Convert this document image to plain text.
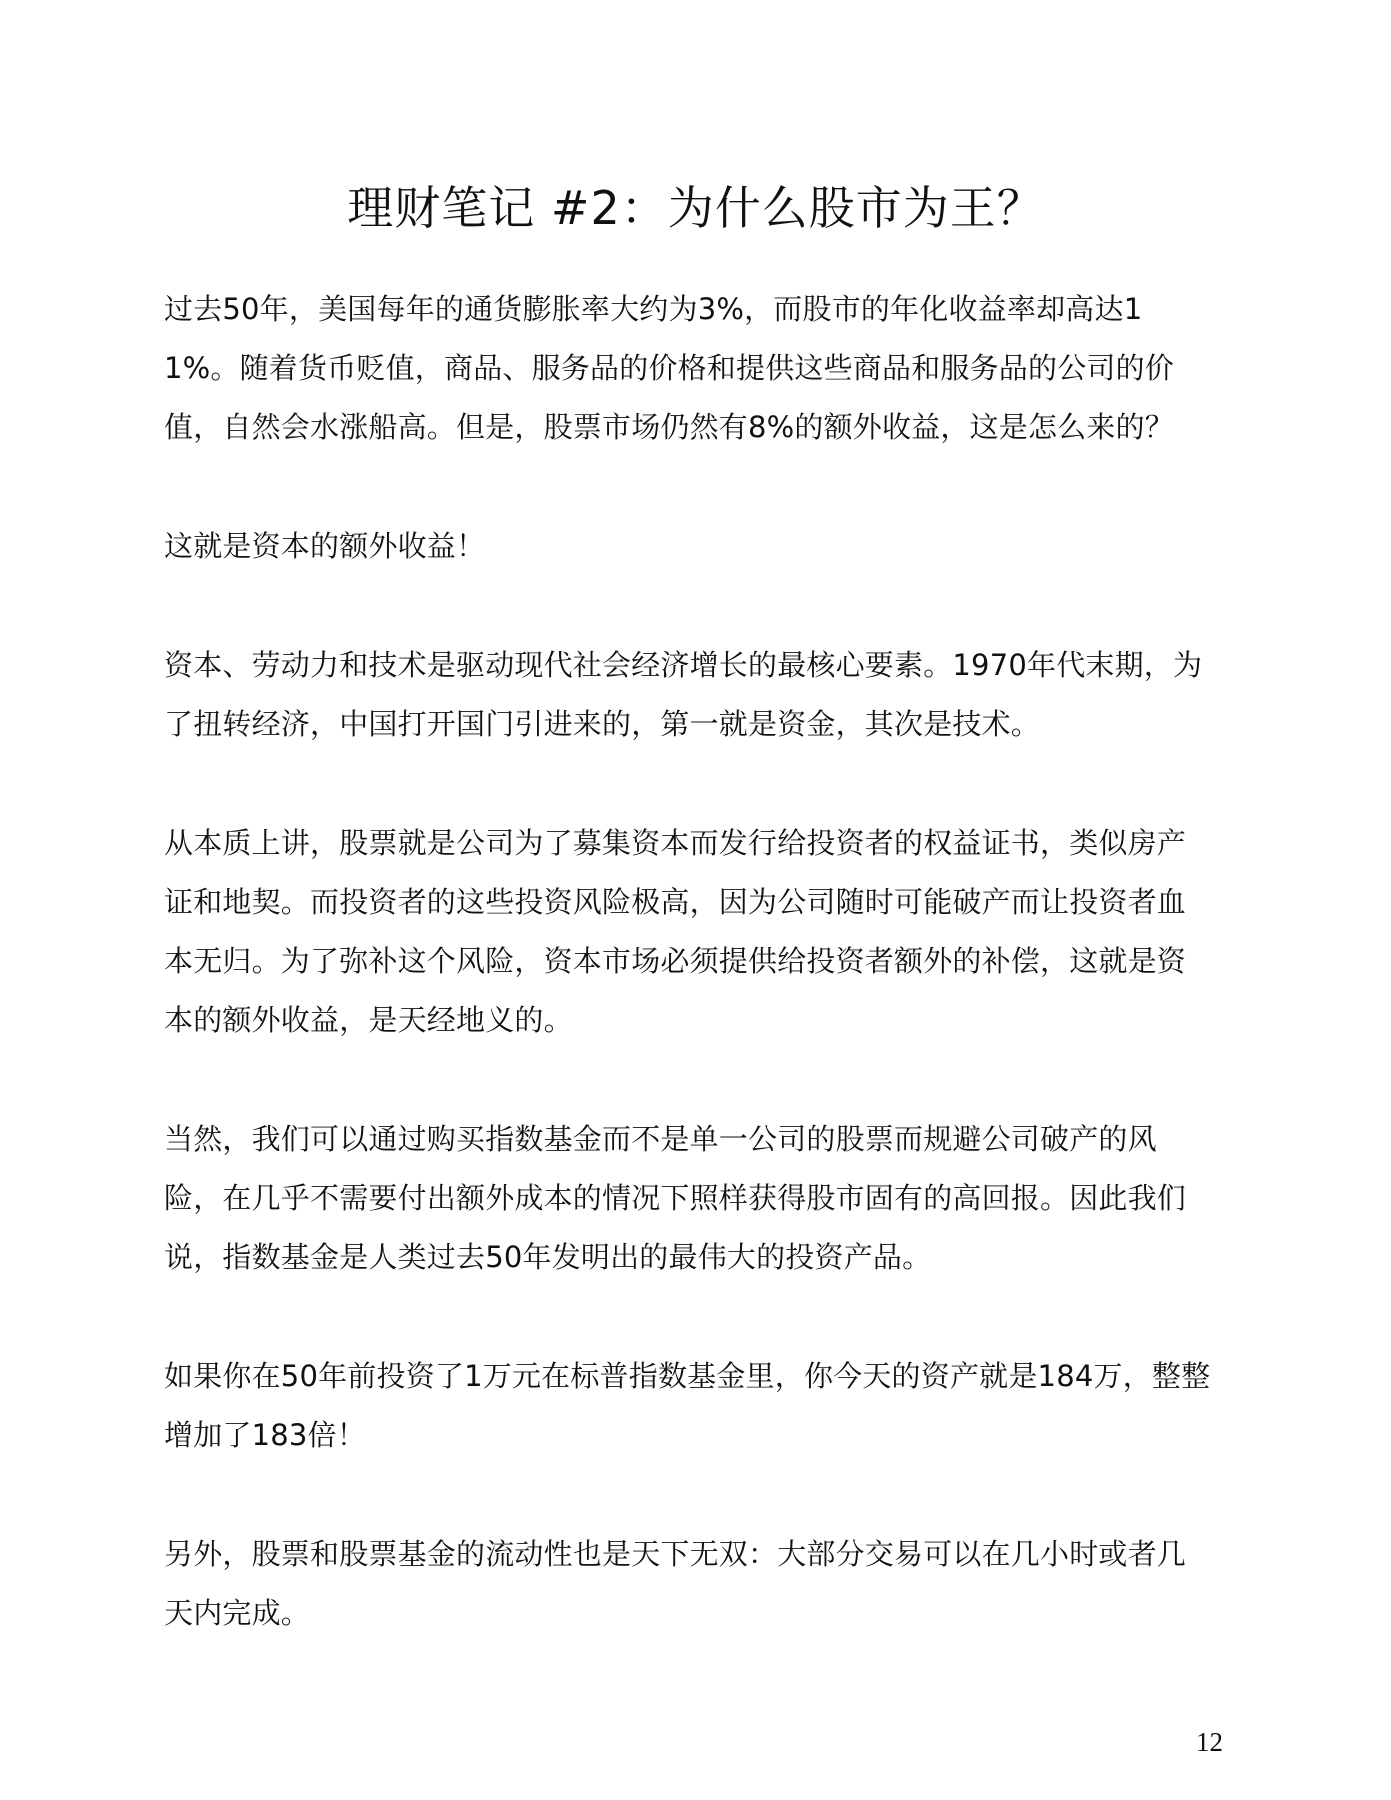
理财笔记 #2：为什么股市为王？

过去50年，美国每年的通货膨胀率大约为3%，而股市的年化收益率却高达11%。随着货币贬值，商品、服务品的价格和提供这些商品和服务品的公司的价值，自然会水涨船高。但是，股票市场仍然有8%的额外收益，这是怎么来的？

这就是资本的额外收益！

资本、劳动力和技术是驱动现代社会经济增长的最核心要素。1970年代末期，为了扭转经济，中国打开国门引进来的，第一就是资金，其次是技术。

从本质上讲，股票就是公司为了募集资本而发行给投资者的权益证书，类似房产证和地契。而投资者的这些投资风险极高，因为公司随时可能破产而让投资者血本无归。为了弥补这个风险，资本市场必须提供给投资者额外的补偿，这就是资本的额外收益，是天经地义的。

当然，我们可以通过购买指数基金而不是单一公司的股票而规避公司破产的风险，在几乎不需要付出额外成本的情况下照样获得股市固有的高回报。因此我们说，指数基金是人类过去50年发明出的最伟大的投资产品。

如果你在50年前投资了1万元在标普指数基金里，你今天的资产就是184万，整整增加了183倍！

另外，股票和股票基金的流动性也是天下无双：大部分交易可以在几小时或者几天内完成。

12
